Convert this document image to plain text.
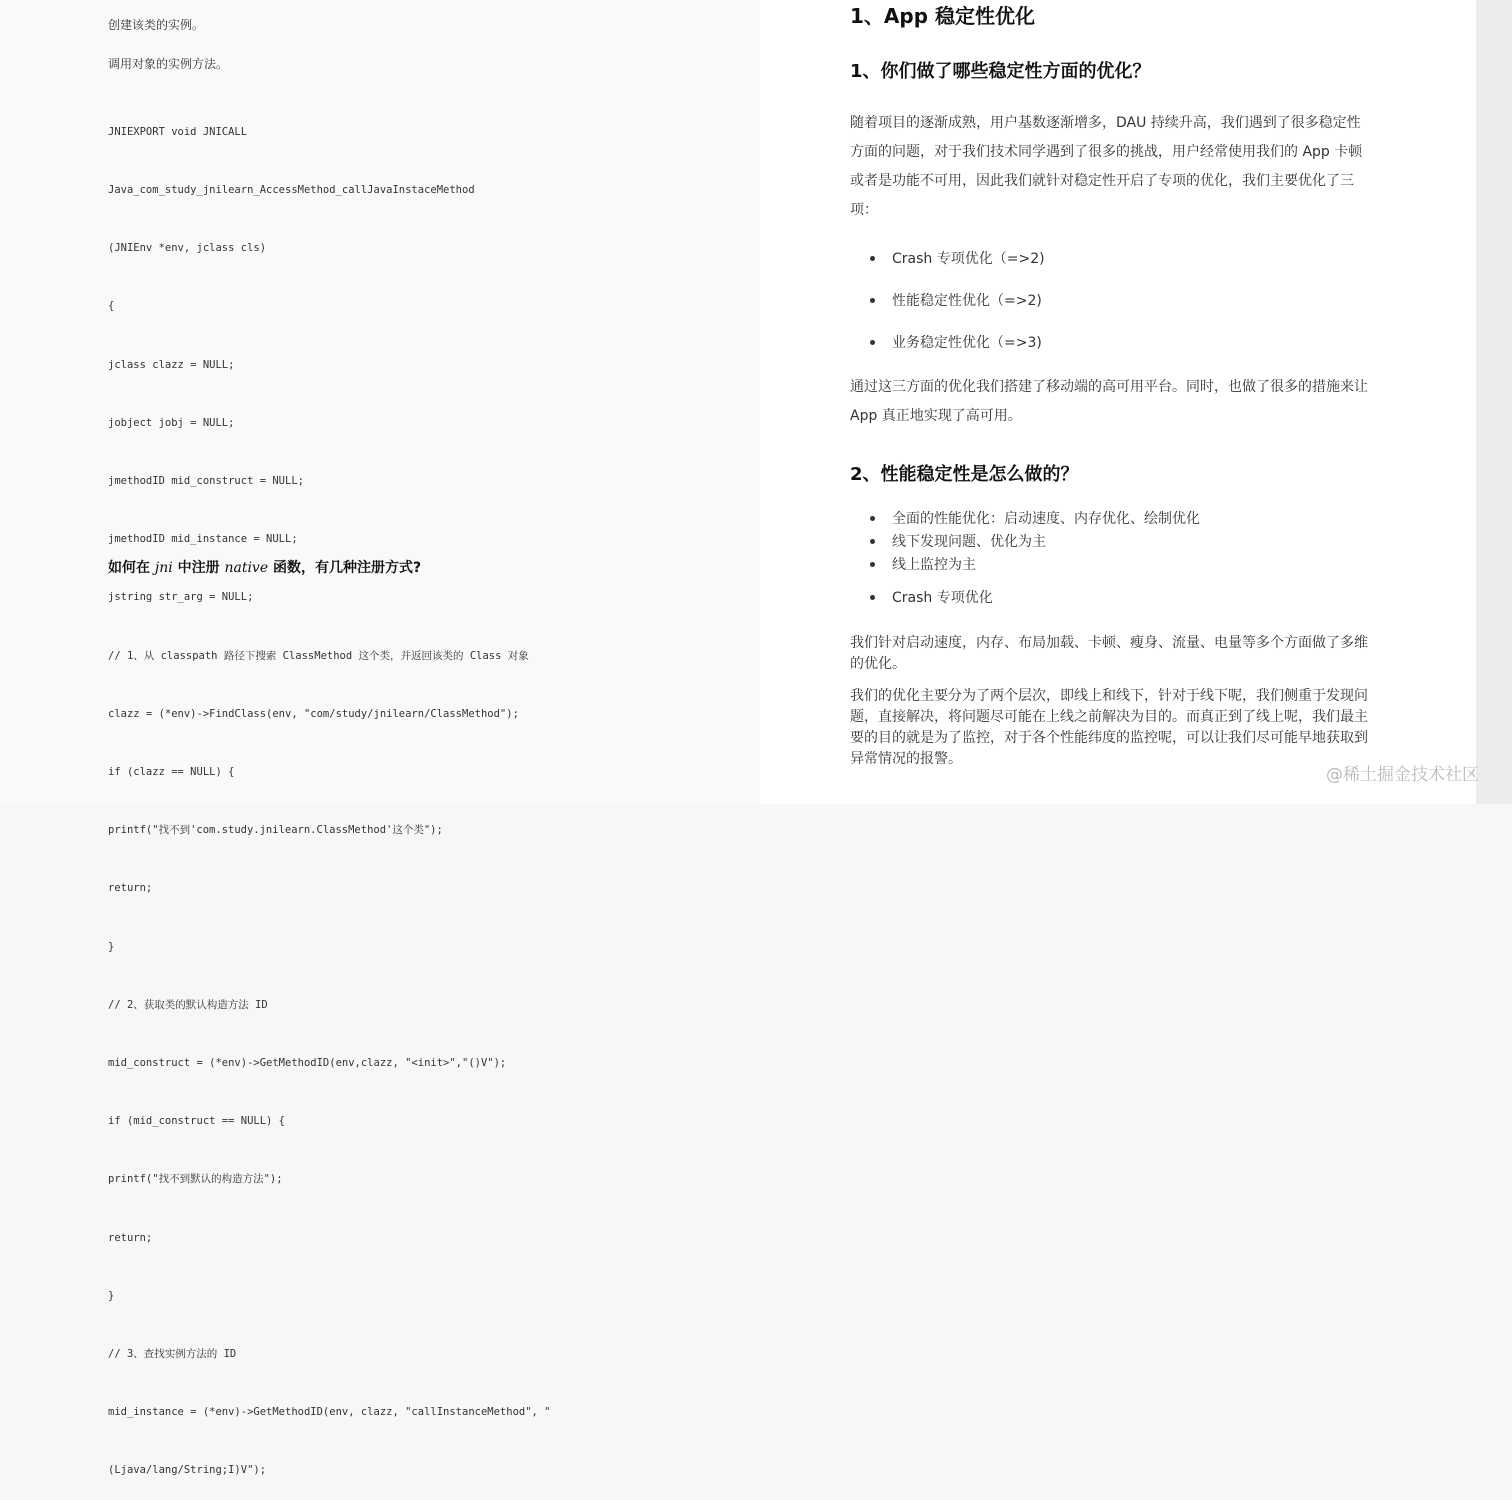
创建该类的实例。
调用对象的实例方法。

JNIEXPORT void JNICALL

Java_com_study_jnilearn_AccessMethod_callJavaInstaceMethod

(JNIEnv *env, jclass cls)

{

jclass clazz = NULL;

jobject jobj = NULL;

jmethodID mid_construct = NULL;

jmethodID mid_instance = NULL;

jstring str_arg = NULL;

// 1、从 classpath 路径下搜索 ClassMethod 这个类，并返回该类的 Class 对象

clazz = (*env)->FindClass(env, "com/study/jnilearn/ClassMethod");

if (clazz == NULL) {

printf("找不到'com.study.jnilearn.ClassMethod'这个类");

return;

}

// 2、获取类的默认构造方法 ID

mid_construct = (*env)->GetMethodID(env,clazz, "<init>","()V");

if (mid_construct == NULL) {

printf("找不到默认的构造方法");

return;

}

// 3、查找实例方法的 ID

mid_instance = (*env)->GetMethodID(env, clazz, "callInstanceMethod", "

(Ljava/lang/String;I)V");

如何在 jni 中注册 native 函数，有几种注册方式?
1、App 稳定性优化
1、你们做了哪些稳定性方面的优化？
随着项目的逐渐成熟，用户基数逐渐增多，DAU 持续升高，我们遇到了很多稳定性方面的问题，对于我们技术同学遇到了很多的挑战，用户经常使用我们的 App 卡顿或者是功能不可用，因此我们就针对稳定性开启了专项的优化，我们主要优化了三项：
Crash 专项优化（=>2)
性能稳定性优化（=>2)
业务稳定性优化（=>3)
通过这三方面的优化我们搭建了移动端的高可用平台。同时，也做了很多的措施来让 App 真正地实现了高可用。
2、性能稳定性是怎么做的？
全面的性能优化：启动速度、内存优化、绘制优化
线下发现问题、优化为主
线上监控为主
Crash 专项优化
我们针对启动速度，内存、布局加载、卡顿、瘦身、流量、电量等多个方面做了多维的优化。
我们的优化主要分为了两个层次，即线上和线下，针对于线下呢，我们侧重于发现问题，直接解决，将问题尽可能在上线之前解决为目的。而真正到了线上呢，我们最主要的目的就是为了监控，对于各个性能纬度的监控呢，可以让我们尽可能早地获取到异常情况的报警。
@稀土掘金技术社区
